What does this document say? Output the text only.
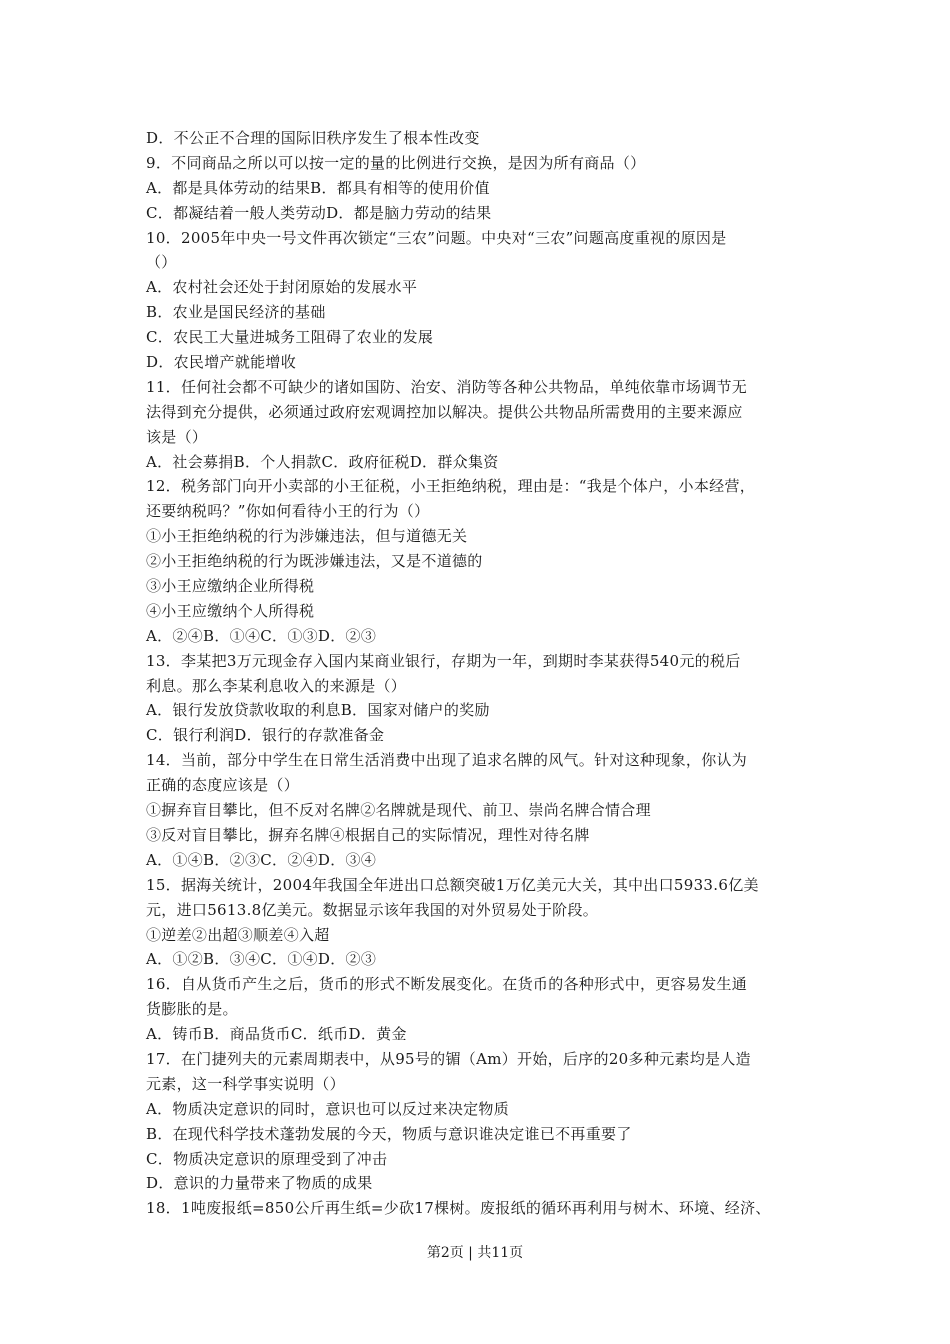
D．不公正不合理的国际旧秩序发生了根本性改变
9．不同商品之所以可以按一定的量的比例进行交换，是因为所有商品（）
A．都是具体劳动的结果B．都具有相等的使用价值
C．都凝结着一般人类劳动D．都是脑力劳动的结果
10．2005年中央一号文件再次锁定“三农”问题。中央对“三农”问题高度重视的原因是
（）
A．农村社会还处于封闭原始的发展水平
B．农业是国民经济的基础
C．农民工大量进城务工阻碍了农业的发展
D．农民增产就能增收
11．任何社会都不可缺少的诸如国防、治安、消防等各种公共物品，单纯依靠市场调节无
法得到充分提供，必须通过政府宏观调控加以解决。提供公共物品所需费用的主要来源应
该是（）
A．社会募捐B．个人捐款C．政府征税D．群众集资
12．税务部门向开小卖部的小王征税，小王拒绝纳税，理由是：“我是个体户，小本经营，
还要纳税吗？”你如何看待小王的行为（）
①小王拒绝纳税的行为涉嫌违法，但与道德无关
②小王拒绝纳税的行为既涉嫌违法，又是不道德的
③小王应缴纳企业所得税
④小王应缴纳个人所得税
A．②④B．①④C．①③D．②③
13．李某把3万元现金存入国内某商业银行，存期为一年，到期时李某获得540元的税后
利息。那么李某利息收入的来源是（）
A．银行发放贷款收取的利息B．国家对储户的奖励
C．银行利润D．银行的存款准备金
14．当前，部分中学生在日常生活消费中出现了追求名牌的风气。针对这种现象，你认为
正确的态度应该是（）
①摒弃盲目攀比，但不反对名牌②名牌就是现代、前卫、崇尚名牌合情合理
③反对盲目攀比，摒弃名牌④根据自己的实际情况，理性对待名牌
A．①④B．②③C．②④D．③④
15．据海关统计，2004年我国全年进出口总额突破1万亿美元大关，其中出口5933.6亿美
元，进口5613.8亿美元。数据显示该年我国的对外贸易处于阶段。
①逆差②出超③顺差④入超
A．①②B．③④C．①④D．②③
16．自从货币产生之后，货币的形式不断发展变化。在货币的各种形式中，更容易发生通
货膨胀的是。
A．铸币B．商品货币C．纸币D．黄金
17．在门捷列夫的元素周期表中，从95号的镅（Am）开始，后序的20多种元素均是人造
元素，这一科学事实说明（）
A．物质决定意识的同时，意识也可以反过来决定物质
B．在现代科学技术蓬勃发展的今天，物质与意识谁决定谁已不再重要了
C．物质决定意识的原理受到了冲击
D．意识的力量带来了物质的成果
18．1吨废报纸=850公斤再生纸=少砍17棵树。废报纸的循环再利用与树木、环境、经济、
第2页 | 共11页
